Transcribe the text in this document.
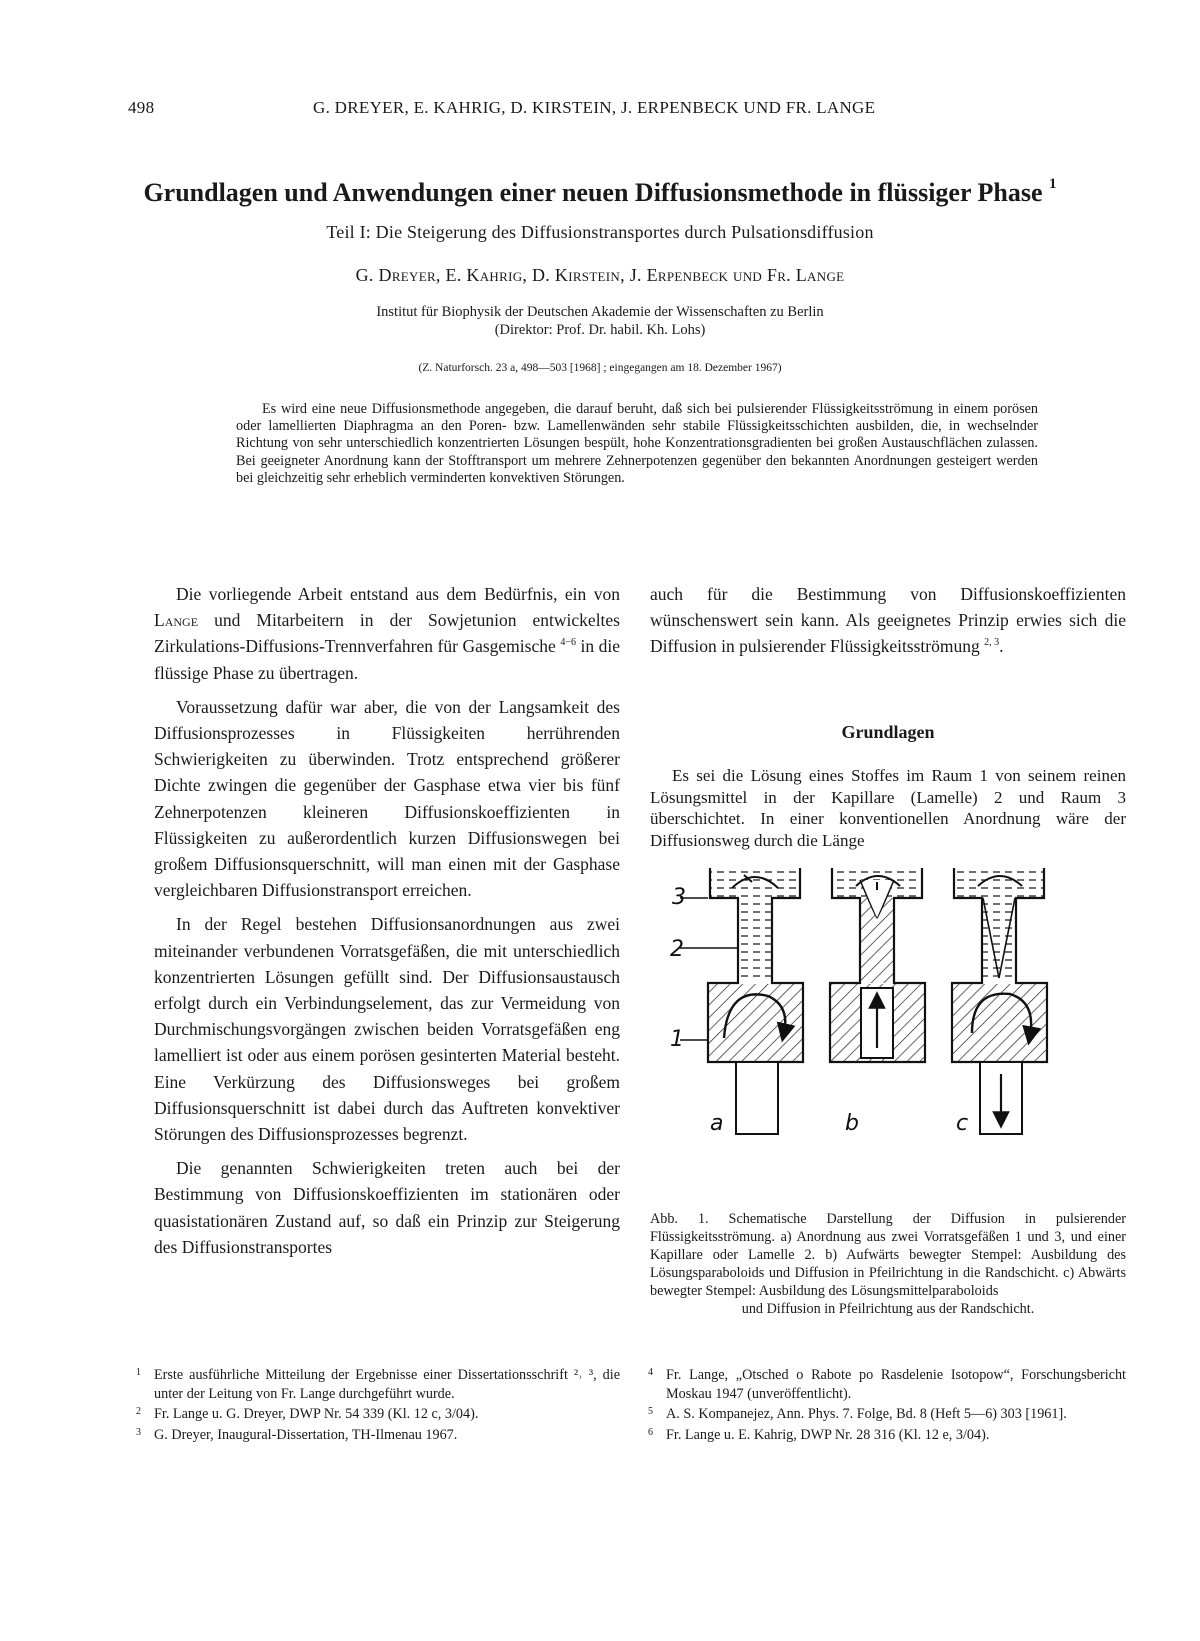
498	G. DREYER, E. KAHRIG, D. KIRSTEIN, J. ERPENBECK UND FR. LANGE
Grundlagen und Anwendungen einer neuen Diffusionsmethode in flüssiger Phase $^1$
Teil I: Die Steigerung des Diffusionstransportes durch Pulsationsdiffusion
G. Dreyer, E. Kahrig, D. Kirstein, J. Erpenbeck und Fr. Lange
Institut für Biophysik der Deutschen Akademie der Wissenschaften zu Berlin
(Direktor: Prof. Dr. habil. Kh. Lohs)
(Z. Naturforsch. 23 a, 498—503 [1968] ; eingegangen am 18. Dezember 1967)
Es wird eine neue Diffusionsmethode angegeben, die darauf beruht, daß sich bei pulsierender Flüssigkeitsströmung in einem porösen oder lamellierten Diaphragma an den Poren- bzw. Lamellenwänden sehr stabile Flüssigkeitsschichten ausbilden, die, in wechselnder Richtung von sehr unterschiedlich konzentrierten Lösungen bespült, hohe Konzentrationsgradienten bei großen Austauschflächen zulassen. Bei geeigneter Anordnung kann der Stofftransport um mehrere Zehnerpotenzen gegenüber den bekannten Anordnungen gesteigert werden bei gleichzeitig sehr erheblich verminderten konvektiven Störungen.

Die vorliegende Arbeit entstand aus dem Bedürfnis, ein von Lange und Mitarbeitern in der Sowjetunion entwickeltes Zirkulations-Diffusions-Trennverfahren für Gasgemische $^{4-6}$ in die flüssige Phase zu übertragen.

Voraussetzung dafür war aber, die von der Langsamkeit des Diffusionsprozesses in Flüssigkeiten herrührenden Schwierigkeiten zu überwinden. Trotz entsprechend größerer Dichte zwingen die gegenüber der Gasphase etwa vier bis fünf Zehnerpotenzen kleineren Diffusionskoeffizienten in Flüssigkeiten zu außerordentlich kurzen Diffusionswegen bei großem Diffusionsquerschnitt, will man einen mit der Gasphase vergleichbaren Diffusionstransport erreichen.

In der Regel bestehen Diffusionsanordnungen aus zwei miteinander verbundenen Vorratsgefäßen, die mit unterschiedlich konzentrierten Lösungen gefüllt sind. Der Diffusionsaustausch erfolgt durch ein Verbindungselement, das zur Vermeidung von Durchmischungsvorgängen zwischen beiden Vorratsgefäßen eng lamelliert ist oder aus einem porösen gesinterten Material besteht. Eine Verkürzung des Diffusionsweges bei großem Diffusionsquerschnitt ist dabei durch das Auftreten konvektiver Störungen des Diffusionsprozesses begrenzt.

Die genannten Schwierigkeiten treten auch bei der Bestimmung von Diffusionskoeffizienten im stationären oder quasistationären Zustand auf, so daß ein Prinzip zur Steigerung des Diffusionstransportes

auch für die Bestimmung von Diffusionskoeffizienten wünschenswert sein kann. Als geeignetes Prinzip erwies sich die Diffusion in pulsierender Flüssigkeitsströmung $^{2, 3}$.

Grundlagen
Es sei die Lösung eines Stoffes im Raum 1 von seinem reinen Lösungsmittel in der Kapillare (Lamelle) 2 und Raum 3 überschichtet. In einer konventionellen Anordnung wäre der Diffusionsweg durch die Länge
3
2
1
a	b	c
Abb. 1. Schematische Darstellung der Diffusion in pulsierender Flüssigkeitsströmung. a) Anordnung aus zwei Vorratsgefäßen 1 und 3, und einer Kapillare oder Lamelle 2. b) Aufwärts bewegter Stempel: Ausbildung des Lösungsparaboloids und Diffusion in Pfeilrichtung in die Randschicht. c) Abwärts bewegter Stempel: Ausbildung des Lösungsmittelparaboloids
und Diffusion in Pfeilrichtung aus der Randschicht.
1 Erste ausführliche Mitteilung der Ergebnisse einer Dissertationsschrift ²˒ ³, die unter der Leitung von Fr. Lange durchgeführt wurde.
2 Fr. Lange u. G. Dreyer, DWP Nr. 54 339 (Kl. 12 c, 3/04).
3 G. Dreyer, Inaugural-Dissertation, TH-Ilmenau 1967.
4 Fr. Lange, „Otsched o Rabote po Rasdelenie Isotopow“, Forschungsbericht Moskau 1947 (unveröffentlicht).
5 A. S. Kompanejez, Ann. Phys. 7. Folge, Bd. 8 (Heft 5—6) 303 [1961].
6 Fr. Lange u. E. Kahrig, DWP Nr. 28 316 (Kl. 12 e, 3/04).
